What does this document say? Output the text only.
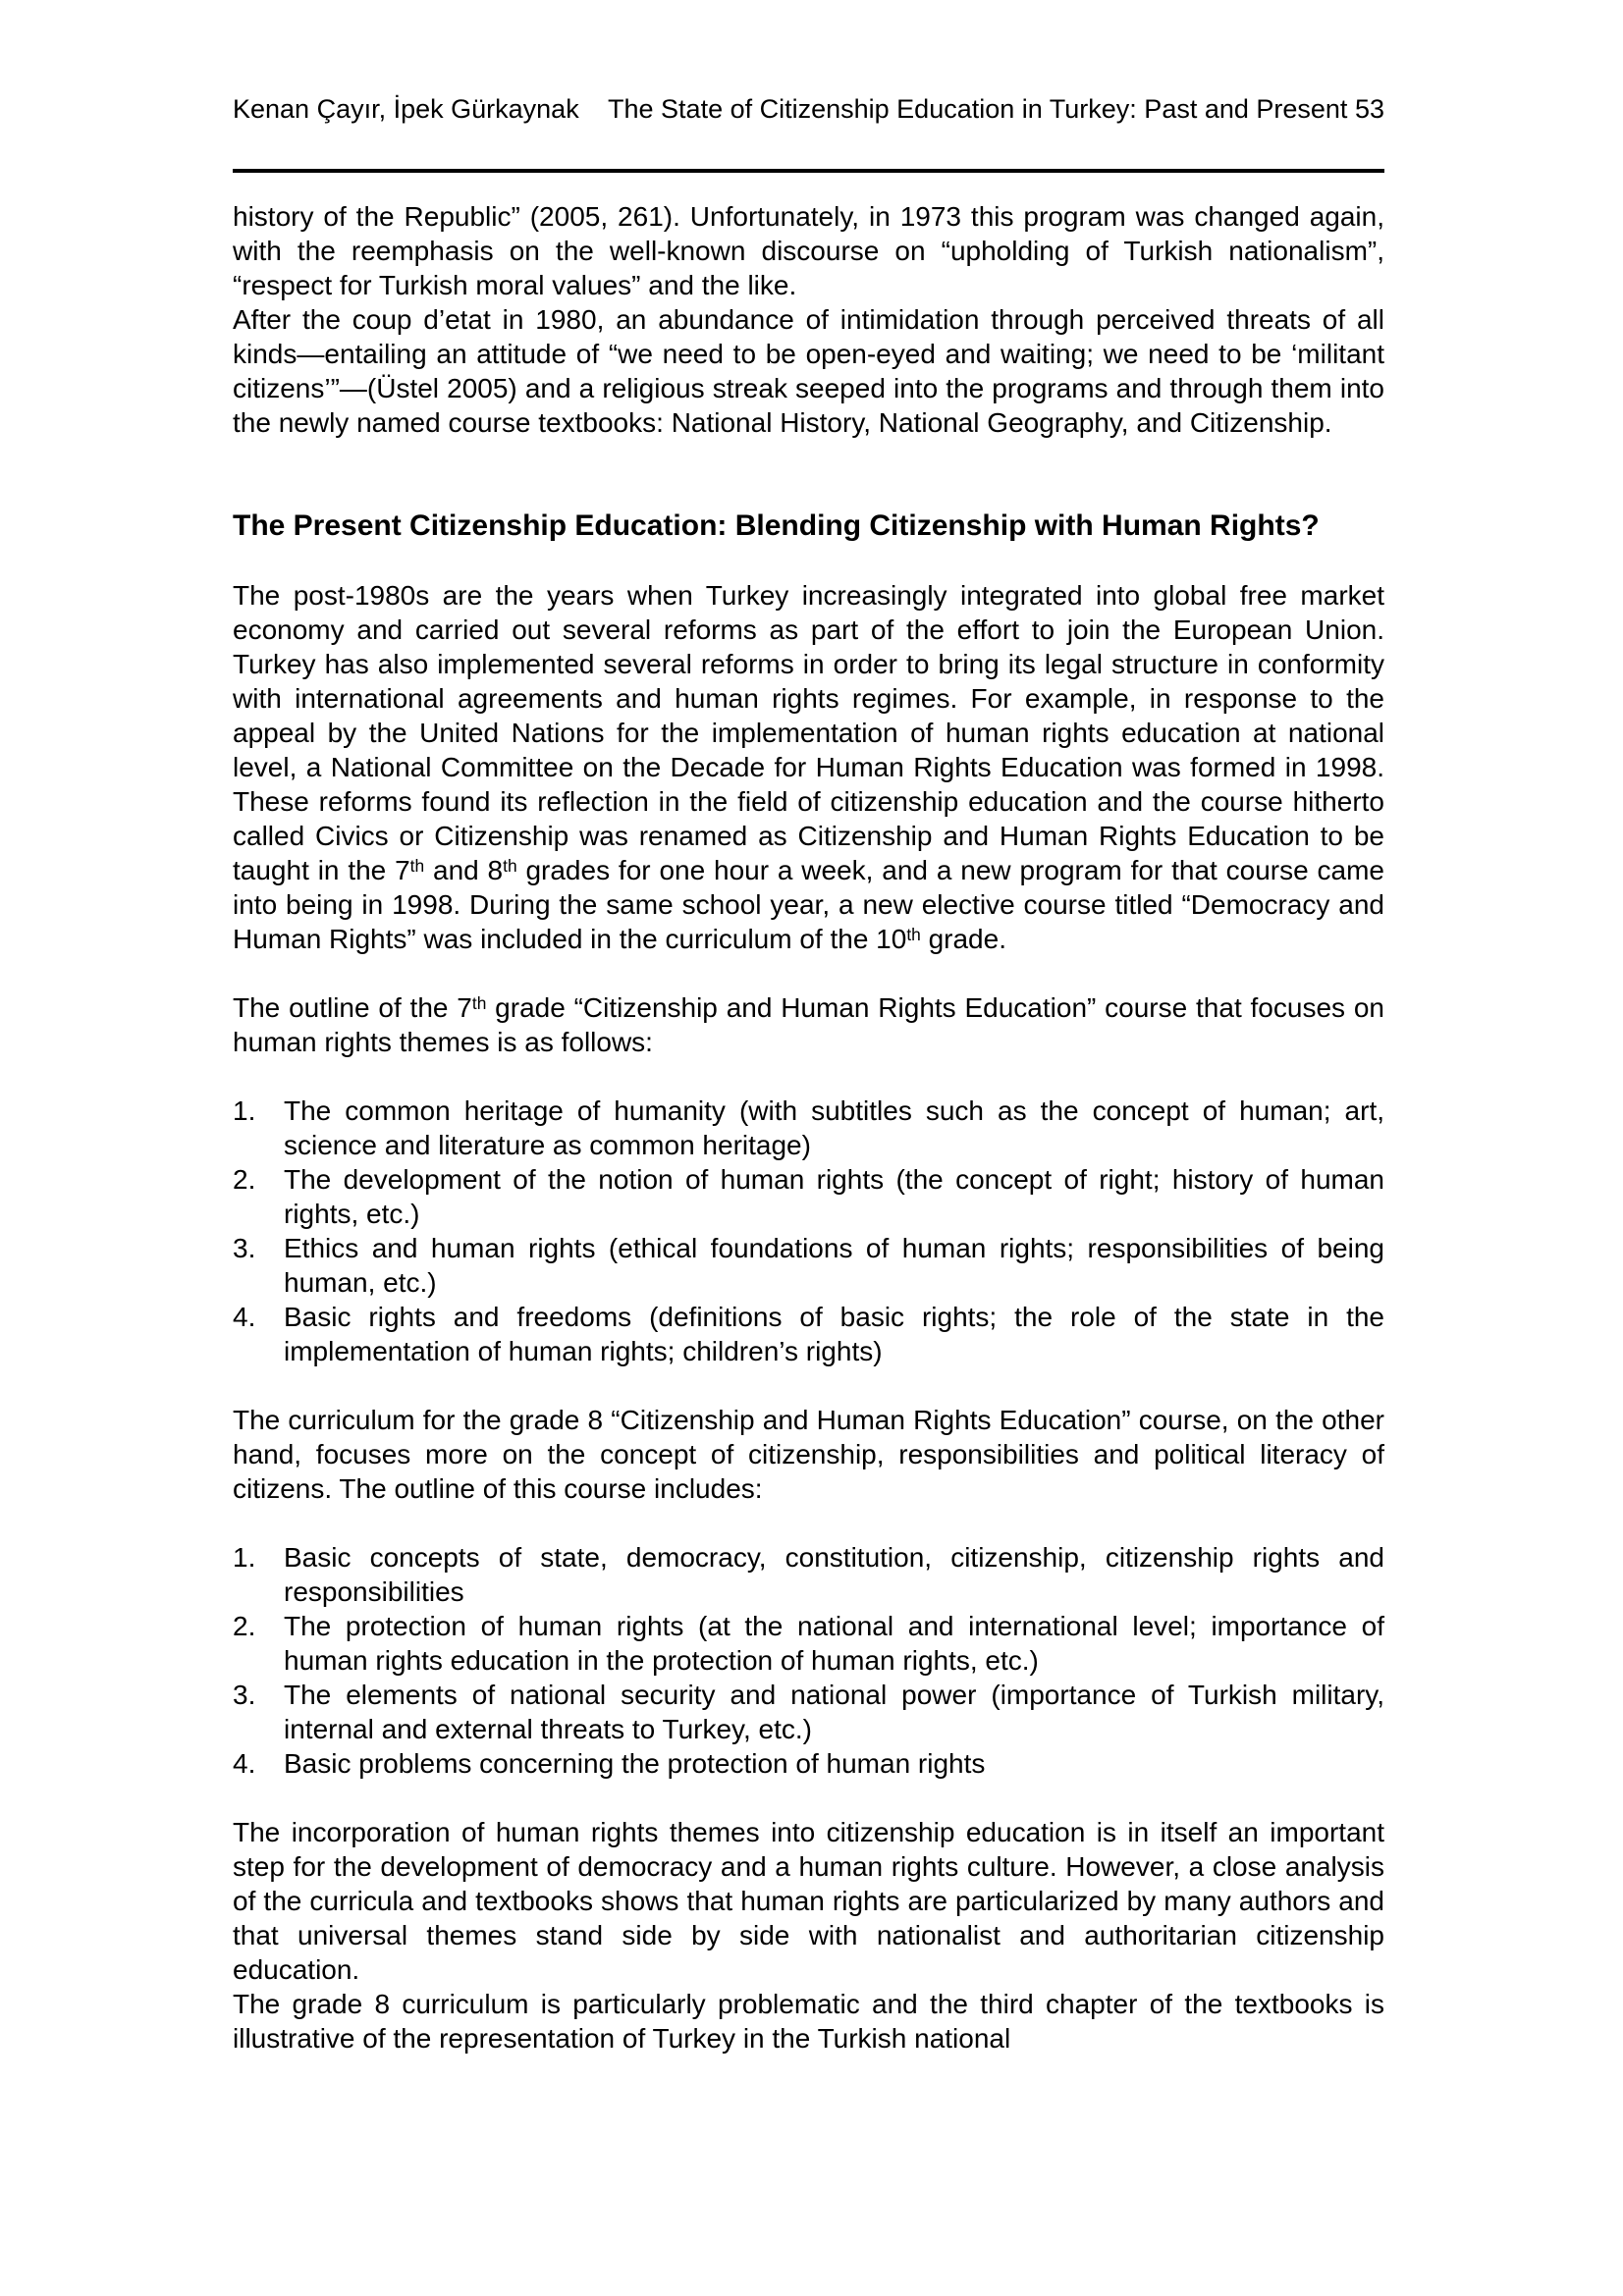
Kenan Çayır, İpek Gürkaynak The State of Citizenship Education in Turkey: Past and Present 53

history of the Republic” (2005, 261). Unfortunately, in 1973 this program was changed again, with the reemphasis on the well-known discourse on “upholding of Turkish nationalism”, “respect for Turkish moral values” and the like.

After the coup d’etat in 1980, an abundance of intimidation through perceived threats of all kinds—entailing an attitude of “we need to be open-eyed and waiting; we need to be ‘militant citizens’”—(Üstel 2005) and a religious streak seeped into the programs and through them into the newly named course textbooks: National History, National Geography, and Citizenship.

The Present Citizenship Education: Blending Citizenship with Human Rights?

The post-1980s are the years when Turkey increasingly integrated into global free market economy and carried out several reforms as part of the effort to join the European Union. Turkey has also implemented several reforms in order to bring its legal structure in conformity with international agreements and human rights regimes. For example, in response to the appeal by the United Nations for the implementation of human rights education at national level, a National Committee on the Decade for Human Rights Education was formed in 1998. These reforms found its reflection in the field of citizenship education and the course hitherto called Civics or Citizenship was renamed as Citizenship and Human Rights Education to be taught in the 7th and 8th grades for one hour a week, and a new program for that course came into being in 1998. During the same school year, a new elective course titled “Democracy and Human Rights” was included in the curriculum of the 10th grade.

The outline of the 7th grade “Citizenship and Human Rights Education” course that focuses on human rights themes is as follows:

The common heritage of humanity (with subtitles such as the concept of human; art, science and literature as common heritage)
The development of the notion of human rights (the concept of right; history of human rights, etc.)
Ethics and human rights (ethical foundations of human rights; responsibilities of being human, etc.)
Basic rights and freedoms (definitions of basic rights; the role of the state in the implementation of human rights; children’s rights)

The curriculum for the grade 8 “Citizenship and Human Rights Education” course, on the other hand, focuses more on the concept of citizenship, responsibilities and political literacy of citizens. The outline of this course includes:

Basic concepts of state, democracy, constitution, citizenship, citizenship rights and responsibilities
The protection of human rights (at the national and international level; importance of human rights education in the protection of human rights, etc.)
The elements of national security and national power (importance of Turkish military, internal and external threats to Turkey, etc.)
Basic problems concerning the protection of human rights

The incorporation of human rights themes into citizenship education is in itself an important step for the development of democracy and a human rights culture. However, a close analysis of the curricula and textbooks shows that human rights are particularized by many authors and that universal themes stand side by side with nationalist and authoritarian citizenship education.

The grade 8 curriculum is particularly problematic and the third chapter of the textbooks is illustrative of the representation of Turkey in the Turkish national
